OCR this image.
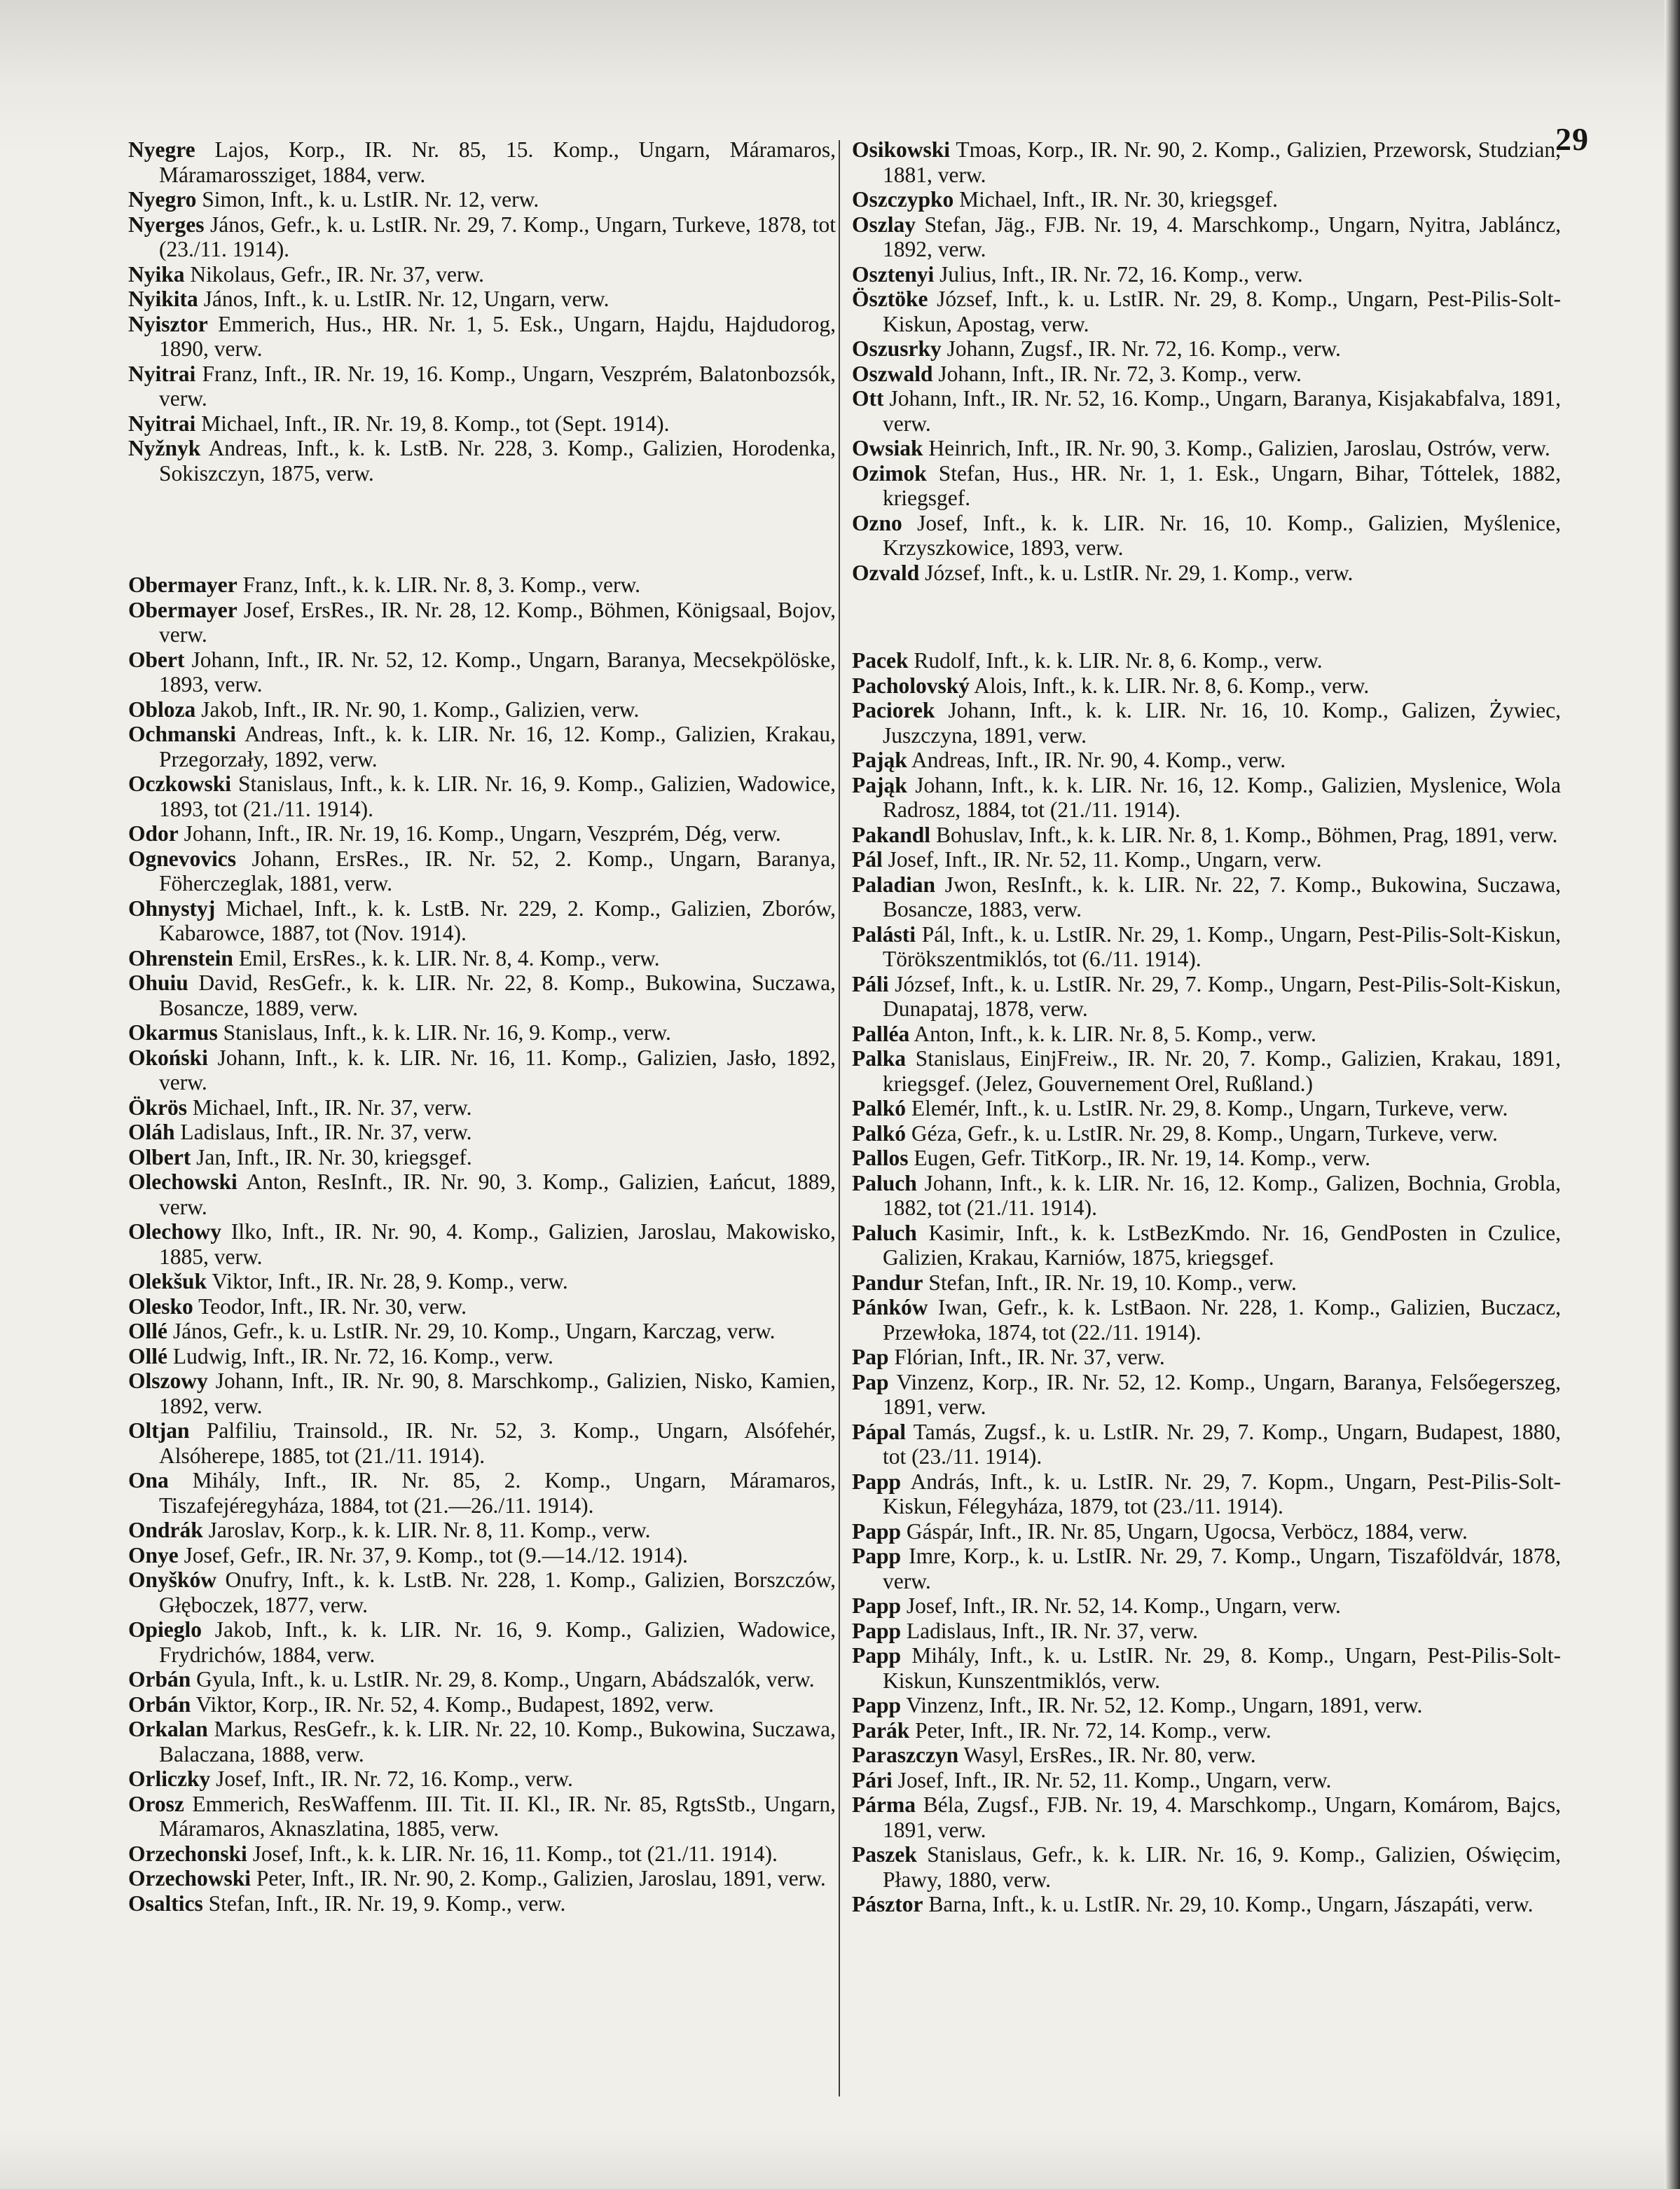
29

Nyegre Lajos, Korp., IR. Nr. 85, 15. Komp., Ungarn, Máramaros, Máramarossziget, 1884, verw.

Nyegro Simon, Inft., k. u. LstIR. Nr. 12, verw.

Nyerges János, Gefr., k. u. LstIR. Nr. 29, 7. Komp., Ungarn, Turkeve, 1878, tot (23./11. 1914).

Nyika Nikolaus, Gefr., IR. Nr. 37, verw.

Nyikita János, Inft., k. u. LstIR. Nr. 12, Ungarn, verw.

Nyisztor Emmerich, Hus., HR. Nr. 1, 5. Esk., Ungarn, Hajdu, Hajdudorog, 1890, verw.

Nyitrai Franz, Inft., IR. Nr. 19, 16. Komp., Ungarn, Veszprém, Balatonbozsók, verw.

Nyitrai Michael, Inft., IR. Nr. 19, 8. Komp., tot (Sept. 1914).

Nyžnyk Andreas, Inft., k. k. LstB. Nr. 228, 3. Komp., Galizien, Horodenka, Sokiszczyn, 1875, verw.

Obermayer Franz, Inft., k. k. LIR. Nr. 8, 3. Komp., verw.

Obermayer Josef, ErsRes., IR. Nr. 28, 12. Komp., Böhmen, Königsaal, Bojov, verw.

Obert Johann, Inft., IR. Nr. 52, 12. Komp., Ungarn, Baranya, Mecsekpölöske, 1893, verw.

Obloza Jakob, Inft., IR. Nr. 90, 1. Komp., Galizien, verw.

Ochmanski Andreas, Inft., k. k. LIR. Nr. 16, 12. Komp., Galizien, Krakau, Przegorzały, 1892, verw.

Oczkowski Stanislaus, Inft., k. k. LIR. Nr. 16, 9. Komp., Galizien, Wadowice, 1893, tot (21./11. 1914).

Odor Johann, Inft., IR. Nr. 19, 16. Komp., Ungarn, Veszprém, Dég, verw.

Ognevovics Johann, ErsRes., IR. Nr. 52, 2. Komp., Ungarn, Baranya, Föherczeglak, 1881, verw.

Ohnystyj Michael, Inft., k. k. LstB. Nr. 229, 2. Komp., Galizien, Zborów, Kabarowce, 1887, tot (Nov. 1914).

Ohrenstein Emil, ErsRes., k. k. LIR. Nr. 8, 4. Komp., verw.

Ohuiu David, ResGefr., k. k. LIR. Nr. 22, 8. Komp., Bukowina, Suczawa, Bosancze, 1889, verw.

Okarmus Stanislaus, Inft., k. k. LIR. Nr. 16, 9. Komp., verw.

Okoński Johann, Inft., k. k. LIR. Nr. 16, 11. Komp., Galizien, Jasło, 1892, verw.

Ökrös Michael, Inft., IR. Nr. 37, verw.

Oláh Ladislaus, Inft., IR. Nr. 37, verw.

Olbert Jan, Inft., IR. Nr. 30, kriegsgef.

Olechowski Anton, ResInft., IR. Nr. 90, 3. Komp., Galizien, Łańcut, 1889, verw.

Olechowy Ilko, Inft., IR. Nr. 90, 4. Komp., Galizien, Jaroslau, Makowisko, 1885, verw.

Olekšuk Viktor, Inft., IR. Nr. 28, 9. Komp., verw.

Olesko Teodor, Inft., IR. Nr. 30, verw.

Ollé János, Gefr., k. u. LstIR. Nr. 29, 10. Komp., Ungarn, Karczag, verw.

Ollé Ludwig, Inft., IR. Nr. 72, 16. Komp., verw.

Olszowy Johann, Inft., IR. Nr. 90, 8. Marschkomp., Galizien, Nisko, Kamien, 1892, verw.

Oltjan Palfiliu, Trainsold., IR. Nr. 52, 3. Komp., Ungarn, Alsófehér, Alsóherepe, 1885, tot (21./11. 1914).

Ona Mihály, Inft., IR. Nr. 85, 2. Komp., Ungarn, Máramaros, Tiszafejéregyháza, 1884, tot (21.—26./11. 1914).

Ondrák Jaroslav, Korp., k. k. LIR. Nr. 8, 11. Komp., verw.

Onye Josef, Gefr., IR. Nr. 37, 9. Komp., tot (9.—14./12. 1914).

Onyšków Onufry, Inft., k. k. LstB. Nr. 228, 1. Komp., Galizien, Borszczów, Głęboczek, 1877, verw.

Opieglo Jakob, Inft., k. k. LIR. Nr. 16, 9. Komp., Galizien, Wadowice, Frydrichów, 1884, verw.

Orbán Gyula, Inft., k. u. LstIR. Nr. 29, 8. Komp., Ungarn, Abádszalók, verw.

Orbán Viktor, Korp., IR. Nr. 52, 4. Komp., Budapest, 1892, verw.

Orkalan Markus, ResGefr., k. k. LIR. Nr. 22, 10. Komp., Bukowina, Suczawa, Balaczana, 1888, verw.

Orliczky Josef, Inft., IR. Nr. 72, 16. Komp., verw.

Orosz Emmerich, ResWaffenm. III. Tit. II. Kl., IR. Nr. 85, RgtsStb., Ungarn, Máramaros, Aknaszlatina, 1885, verw.

Orzechonski Josef, Inft., k. k. LIR. Nr. 16, 11. Komp., tot (21./11. 1914).

Orzechowski Peter, Inft., IR. Nr. 90, 2. Komp., Galizien, Jaroslau, 1891, verw.

Osaltics Stefan, Inft., IR. Nr. 19, 9. Komp., verw.

Osikowski Tmoas, Korp., IR. Nr. 90, 2. Komp., Galizien, Przeworsk, Studzian, 1881, verw.

Oszczypko Michael, Inft., IR. Nr. 30, kriegsgef.

Oszlay Stefan, Jäg., FJB. Nr. 19, 4. Marschkomp., Ungarn, Nyitra, Jabláncz, 1892, verw.

Osztenyi Julius, Inft., IR. Nr. 72, 16. Komp., verw.

Ösztöke József, Inft., k. u. LstIR. Nr. 29, 8. Komp., Ungarn, Pest-Pilis-Solt-Kiskun, Apostag, verw.

Oszusrky Johann, Zugsf., IR. Nr. 72, 16. Komp., verw.

Oszwald Johann, Inft., IR. Nr. 72, 3. Komp., verw.

Ott Johann, Inft., IR. Nr. 52, 16. Komp., Ungarn, Baranya, Kisjakabfalva, 1891, verw.

Owsiak Heinrich, Inft., IR. Nr. 90, 3. Komp., Galizien, Jaroslau, Ostrów, verw.

Ozimok Stefan, Hus., HR. Nr. 1, 1. Esk., Ungarn, Bihar, Tóttelek, 1882, kriegsgef.

Ozno Josef, Inft., k. k. LIR. Nr. 16, 10. Komp., Galizien, Myślenice, Krzyszkowice, 1893, verw.

Ozvald József, Inft., k. u. LstIR. Nr. 29, 1. Komp., verw.

Pacek Rudolf, Inft., k. k. LIR. Nr. 8, 6. Komp., verw.

Pacholovský Alois, Inft., k. k. LIR. Nr. 8, 6. Komp., verw.

Paciorek Johann, Inft., k. k. LIR. Nr. 16, 10. Komp., Galizen, Żywiec, Juszczyna, 1891, verw.

Pająk Andreas, Inft., IR. Nr. 90, 4. Komp., verw.

Pająk Johann, Inft., k. k. LIR. Nr. 16, 12. Komp., Galizien, Myslenice, Wola Radrosz, 1884, tot (21./11. 1914).

Pakandl Bohuslav, Inft., k. k. LIR. Nr. 8, 1. Komp., Böhmen, Prag, 1891, verw.

Pál Josef, Inft., IR. Nr. 52, 11. Komp., Ungarn, verw.

Paladian Jwon, ResInft., k. k. LIR. Nr. 22, 7. Komp., Bukowina, Suczawa, Bosancze, 1883, verw.

Palásti Pál, Inft., k. u. LstIR. Nr. 29, 1. Komp., Ungarn, Pest-Pilis-Solt-Kiskun, Törökszentmiklós, tot (6./11. 1914).

Páli József, Inft., k. u. LstIR. Nr. 29, 7. Komp., Ungarn, Pest-Pilis-Solt-Kiskun, Dunapataj, 1878, verw.

Palléa Anton, Inft., k. k. LIR. Nr. 8, 5. Komp., verw.

Palka Stanislaus, EinjFreiw., IR. Nr. 20, 7. Komp., Galizien, Krakau, 1891, kriegsgef. (Jelez, Gouvernement Orel, Rußland.)

Palkó Elemér, Inft., k. u. LstIR. Nr. 29, 8. Komp., Ungarn, Turkeve, verw.

Palkó Géza, Gefr., k. u. LstIR. Nr. 29, 8. Komp., Ungarn, Turkeve, verw.

Pallos Eugen, Gefr. TitKorp., IR. Nr. 19, 14. Komp., verw.

Paluch Johann, Inft., k. k. LIR. Nr. 16, 12. Komp., Galizen, Bochnia, Grobla, 1882, tot (21./11. 1914).

Paluch Kasimir, Inft., k. k. LstBezKmdo. Nr. 16, GendPosten in Czulice, Galizien, Krakau, Karniów, 1875, kriegsgef.

Pandur Stefan, Inft., IR. Nr. 19, 10. Komp., verw.

Pánków Iwan, Gefr., k. k. LstBaon. Nr. 228, 1. Komp., Galizien, Buczacz, Przewłoka, 1874, tot (22./11. 1914).

Pap Flórian, Inft., IR. Nr. 37, verw.

Pap Vinzenz, Korp., IR. Nr. 52, 12. Komp., Ungarn, Baranya, Felsőegerszeg, 1891, verw.

Pápal Tamás, Zugsf., k. u. LstIR. Nr. 29, 7. Komp., Ungarn, Budapest, 1880, tot (23./11. 1914).

Papp András, Inft., k. u. LstIR. Nr. 29, 7. Kopm., Ungarn, Pest-Pilis-Solt-Kiskun, Félegyháza, 1879, tot (23./11. 1914).

Papp Gáspár, Inft., IR. Nr. 85, Ungarn, Ugocsa, Verböcz, 1884, verw.

Papp Imre, Korp., k. u. LstIR. Nr. 29, 7. Komp., Ungarn, Tiszaföldvár, 1878, verw.

Papp Josef, Inft., IR. Nr. 52, 14. Komp., Ungarn, verw.

Papp Ladislaus, Inft., IR. Nr. 37, verw.

Papp Mihály, Inft., k. u. LstIR. Nr. 29, 8. Komp., Ungarn, Pest-Pilis-Solt-Kiskun, Kunszentmiklós, verw.

Papp Vinzenz, Inft., IR. Nr. 52, 12. Komp., Ungarn, 1891, verw.

Parák Peter, Inft., IR. Nr. 72, 14. Komp., verw.

Paraszczyn Wasyl, ErsRes., IR. Nr. 80, verw.

Pári Josef, Inft., IR. Nr. 52, 11. Komp., Ungarn, verw.

Párma Béla, Zugsf., FJB. Nr. 19, 4. Marschkomp., Ungarn, Komárom, Bajcs, 1891, verw.

Paszek Stanislaus, Gefr., k. k. LIR. Nr. 16, 9. Komp., Galizien, Oświęcim, Pławy, 1880, verw.

Pásztor Barna, Inft., k. u. LstIR. Nr. 29, 10. Komp., Ungarn, Jászapáti, verw.
